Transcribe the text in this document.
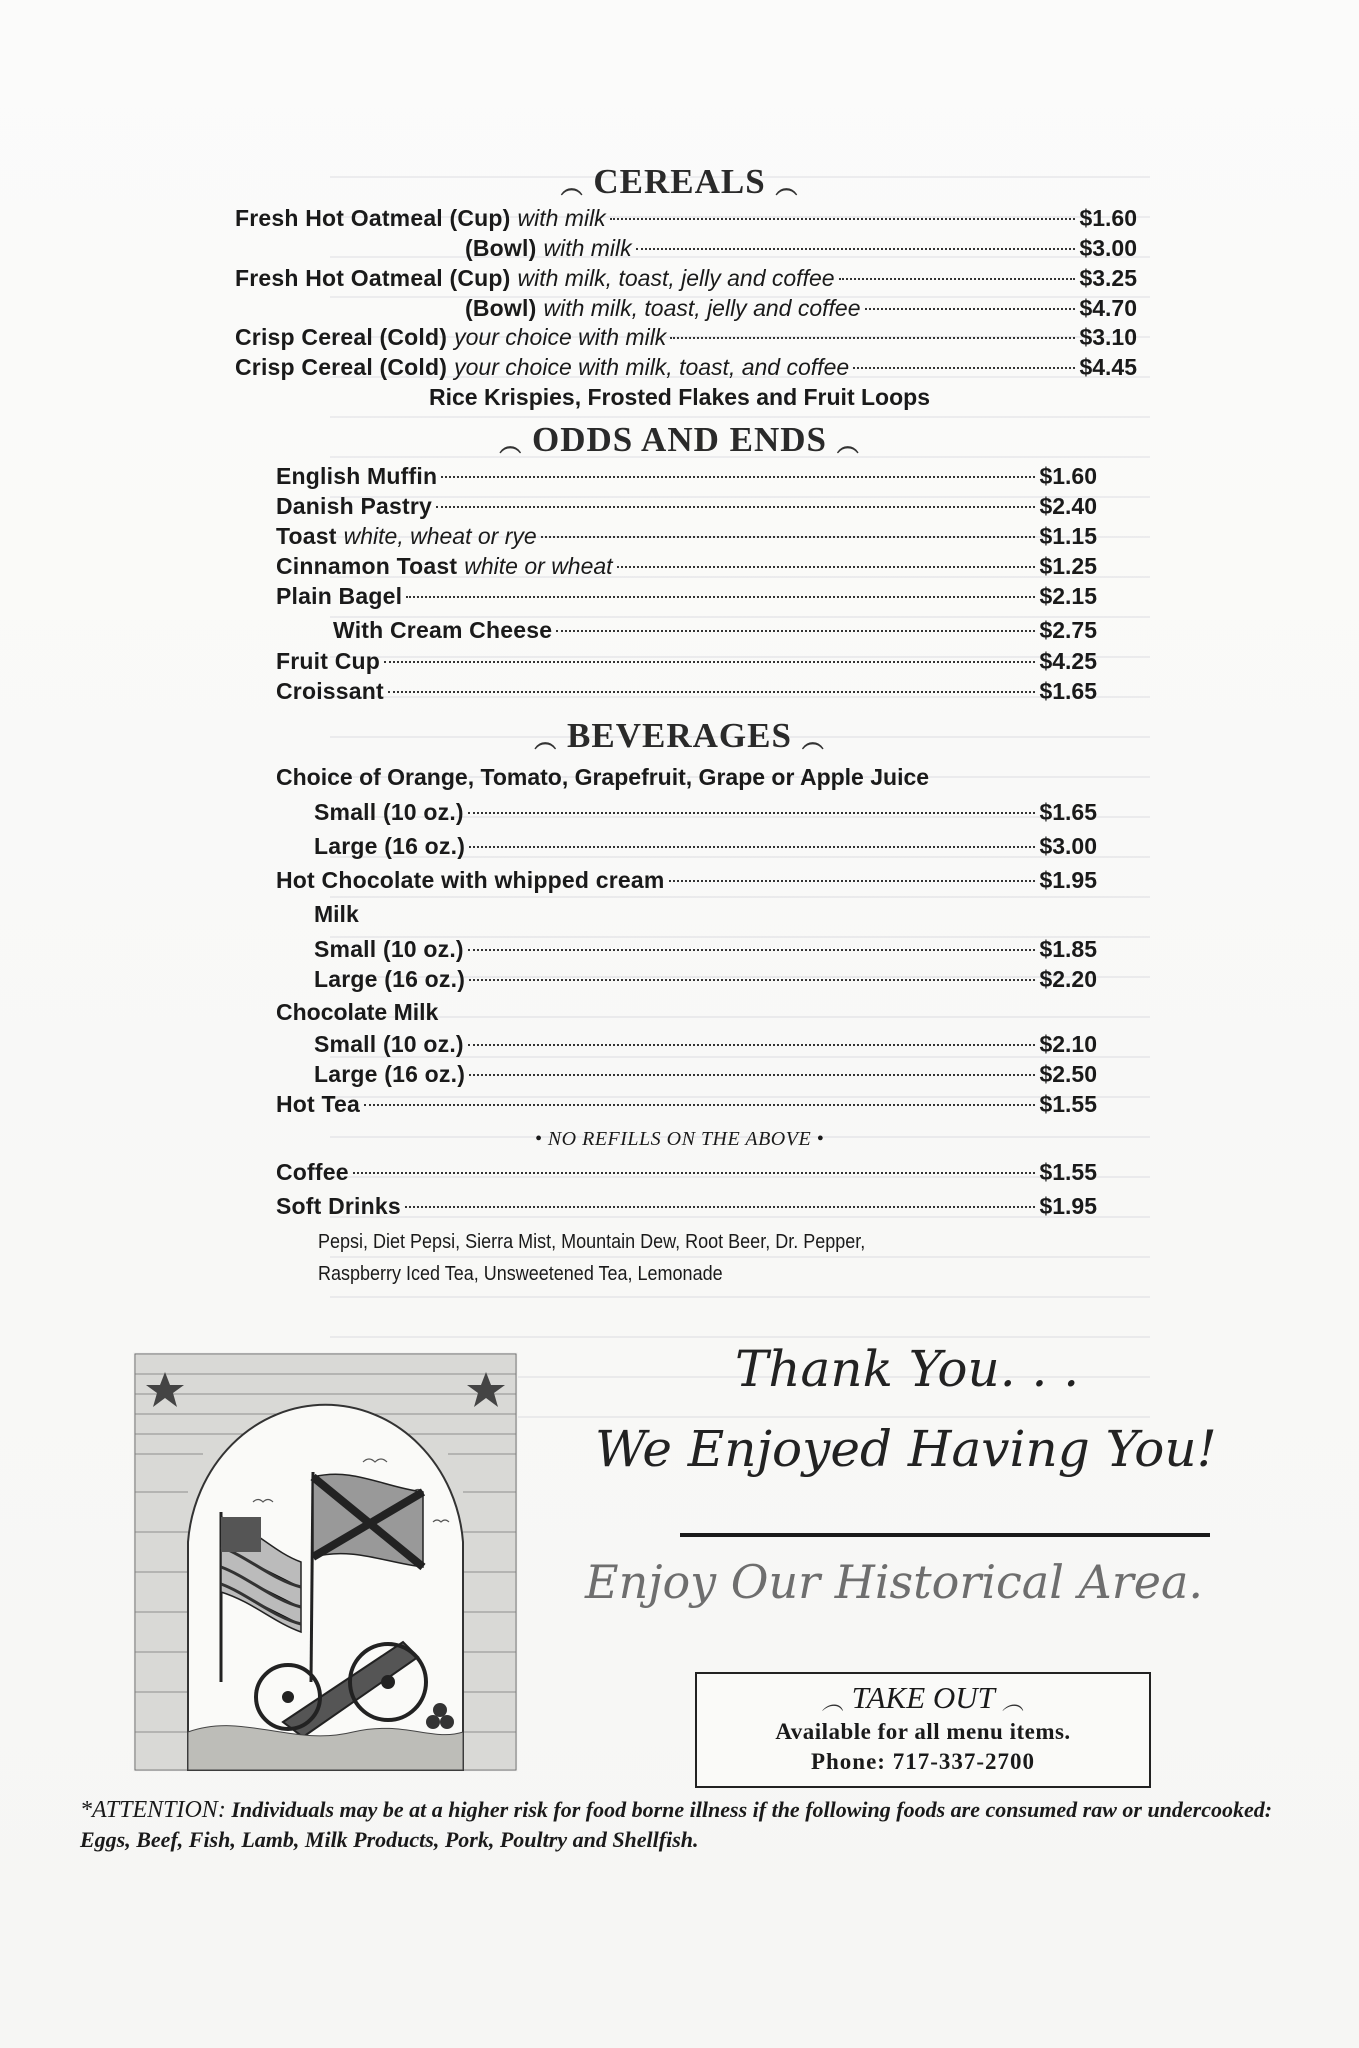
︵ CEREALS ︵
Fresh Hot Oatmeal (Cup) with milk	$1.60
(Bowl) with milk	$3.00
Fresh Hot Oatmeal (Cup) with milk, toast, jelly and coffee	$3.25
(Bowl) with milk, toast, jelly and coffee	$4.70
Crisp Cereal (Cold) your choice with milk	$3.10
Crisp Cereal (Cold) your choice with milk, toast, and coffee	$4.45
Rice Krispies, Frosted Flakes and Fruit Loops
︵ ODDS AND ENDS ︵
English Muffin	$1.60
Danish Pastry	$2.40
Toast white, wheat or rye	$1.15
Cinnamon Toast white or wheat	$1.25
Plain Bagel	$2.15
With Cream Cheese	$2.75
Fruit Cup	$4.25
Croissant	$1.65
︵ BEVERAGES ︵
Choice of Orange, Tomato, Grapefruit, Grape or Apple Juice
Small (10 oz.)	$1.65
Large (16 oz.)	$3.00
Hot Chocolate with whipped cream	$1.95
Milk
Small (10 oz.)	$1.85
Large (16 oz.)	$2.20
Chocolate Milk
Small (10 oz.)	$2.10
Large (16 oz.)	$2.50
Hot Tea	$1.55
• NO REFILLS ON THE ABOVE •
Coffee	$1.55
Soft Drinks	$1.95
Pepsi, Diet Pepsi, Sierra Mist, Mountain Dew, Root Beer, Dr. Pepper,
Raspberry Iced Tea, Unsweetened Tea, Lemonade
Thank You. . .
We Enjoyed Having You!
Enjoy Our Historical Area.
︵ TAKE OUT ︵
Available for all menu items.
Phone: 717-337-2700
*ATTENTION: Individuals may be at a higher risk for food borne illness if the following foods are consumed raw or undercooked: Eggs, Beef, Fish, Lamb, Milk Products, Pork, Poultry and Shellfish.
